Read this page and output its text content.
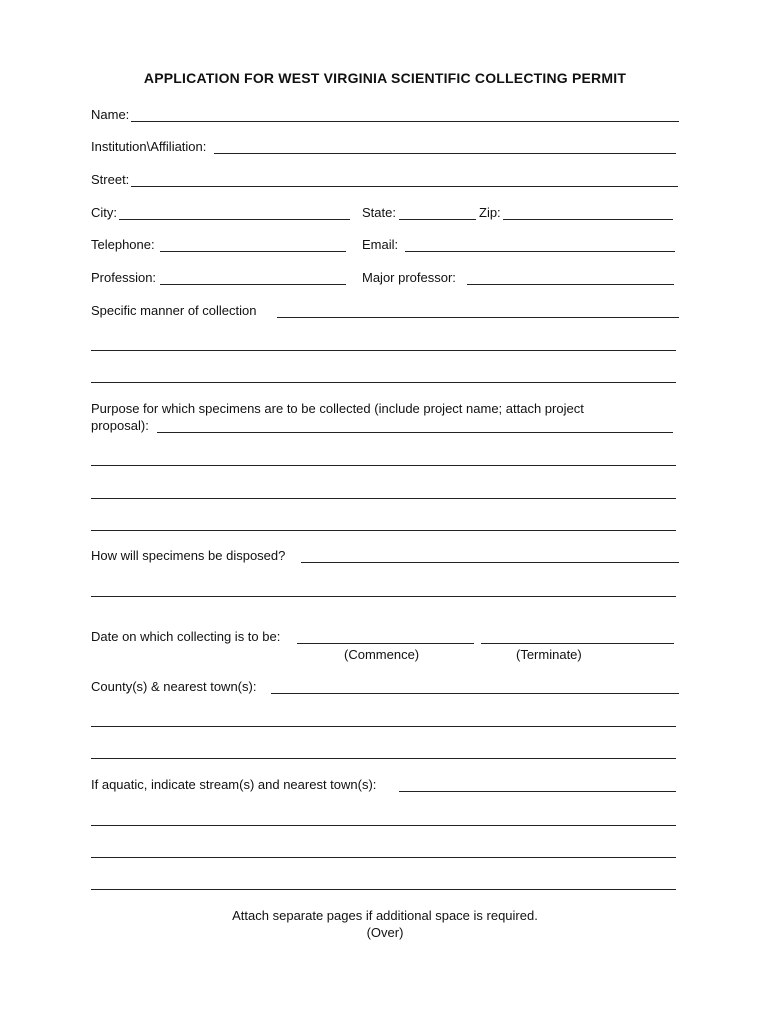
APPLICATION FOR WEST VIRGINIA SCIENTIFIC COLLECTING PERMIT
Name:
Institution\Affiliation:
Street:
City:	State:	Zip:
Telephone:	Email:
Profession:	Major professor:
Specific manner of collection
Purpose for which specimens are to be collected (include project name; attach project
proposal):
How will specimens be disposed?
Date on which collecting is to be:
(Commence)	(Terminate)
County(s) & nearest town(s):
If aquatic, indicate stream(s) and nearest town(s):
Attach separate pages if additional space is required.
(Over)
